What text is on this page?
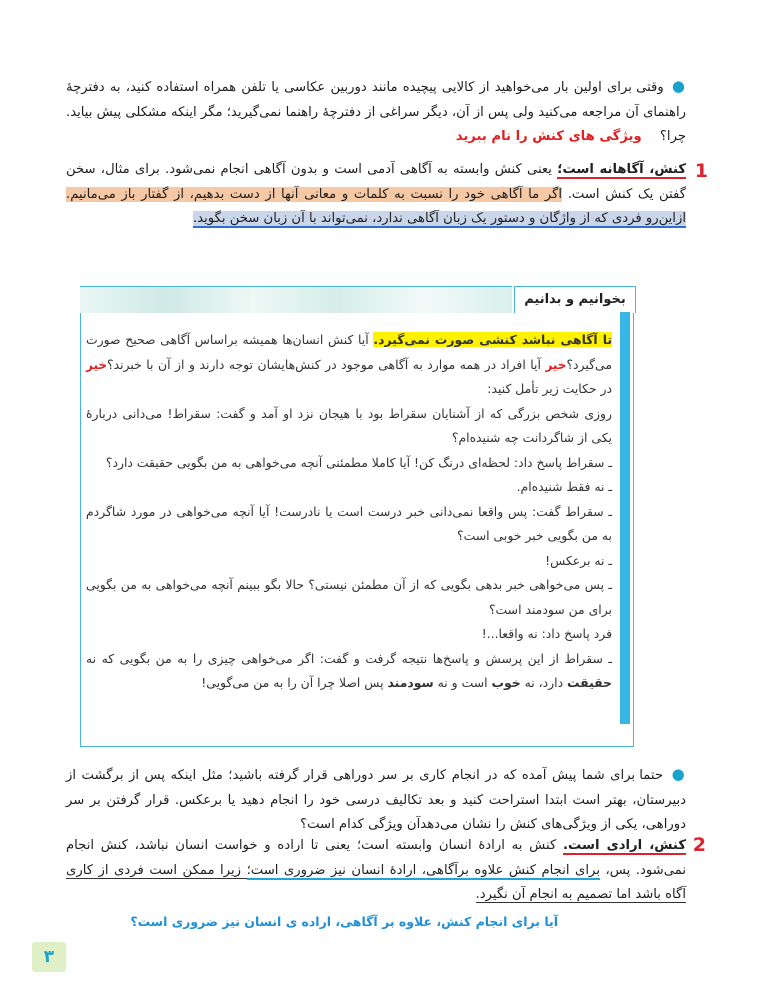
● وقتی برای اولین بار می‌خواهید از کالایی پیچیده مانند دوربین عکاسی یا تلفن همراه استفاده کنید، به دفترچهٔ راهنمای آن مراجعه می‌کنید ولی پس از آن، دیگر سراغی از دفترچهٔ راهنما نمی‌گیرید؛ مگر اینکه مشکلی پیش بیاید. چرا؟ ویژگی های کنش را نام ببرید
1
کنش، آگاهانه است؛ یعنی کنش وابسته به آگاهی آدمی است و بدون آگاهی انجام نمی‌شود. برای مثال، سخن گفتن یک کنش است. اگر ما آگاهی خود را نسبت به کلمات و معانی آنها از دست بدهیم، از گفتار باز می‌مانیم. ازاین‌رو فردی که از واژگان و دستور یک زبان آگاهی ندارد، نمی‌تواند با آن زبان سخن بگوید.
بخوانیم و بدانیم
تا آگاهی نباشد کنشی صورت نمی‌گیرد. آیا کنش انسان‌ها همیشه براساس آگاهی صحیح صورت می‌گیرد؟خیر آیا افراد در همه موارد به آگاهی موجود در کنش‌هایشان توجه دارند و از آن با خبرند؟خیر در حکایت زیر تأمل کنید:
روزی شخص بزرگی که از آشنایان سقراط بود با هیجان نزد او آمد و گفت: سقراط! می‌دانی دربارهٔ یکی از شاگردانت چه شنیده‌ام؟
ـ سقراط پاسخ داد: لحظه‌ای درنگ کن! آیا کاملا مطمئنی آنچه می‌خواهی به من بگویی حقیقت دارد؟
ـ نه فقط شنیده‌ام.
ـ سقراط گفت: پس واقعا نمی‌دانی خبر درست است یا نادرست! آیا آنچه می‌خواهی در مورد شاگردم به من بگویی خبر خوبی است؟
ـ نه برعکس!
ـ پس می‌خواهی خبر بدهی بگویی که از آن مطمئن نیستی؟ حالا بگو ببینم آنچه می‌خواهی به من بگویی برای من سودمند است؟
فرد پاسخ داد: نه واقعا...!
ـ سقراط از این پرسش و پاسخ‌ها نتیجه گرفت و گفت: اگر می‌خواهی چیزی را به من بگویی که نه حقیقت دارد، نه خوب است و نه سودمند پس اصلا چرا آن را به من می‌گویی!
● حتما برای شما پیش آمده که در انجام کاری بر سر دوراهی قرار گرفته باشید؛ مثل اینکه پس از برگشت از دبیرستان، بهتر است ابتدا استراحت کنید و بعد تکالیف درسی خود را انجام دهید یا برعکس. قرار گرفتن بر سر دوراهی، یکی از ویژگی‌های کنش را نشان می‌دهدآن ویژگی کدام است؟
2
کنش، ارادی است. کنش به ارادهٔ انسان وابسته است؛ یعنی تا اراده و خواست انسان نباشد، کنش انجام نمی‌شود. پس، برای انجام کنش علاوه برآگاهی، ارادهٔ انسان نیز ضروری است؛ زیرا ممکن است فردی از کاری آگاه باشد اما تصمیم به انجام آن نگیرد.
آیا برای انجام کنش، علاوه بر آگاهی، اراده ی انسان نیز ضروری است؟
۳
